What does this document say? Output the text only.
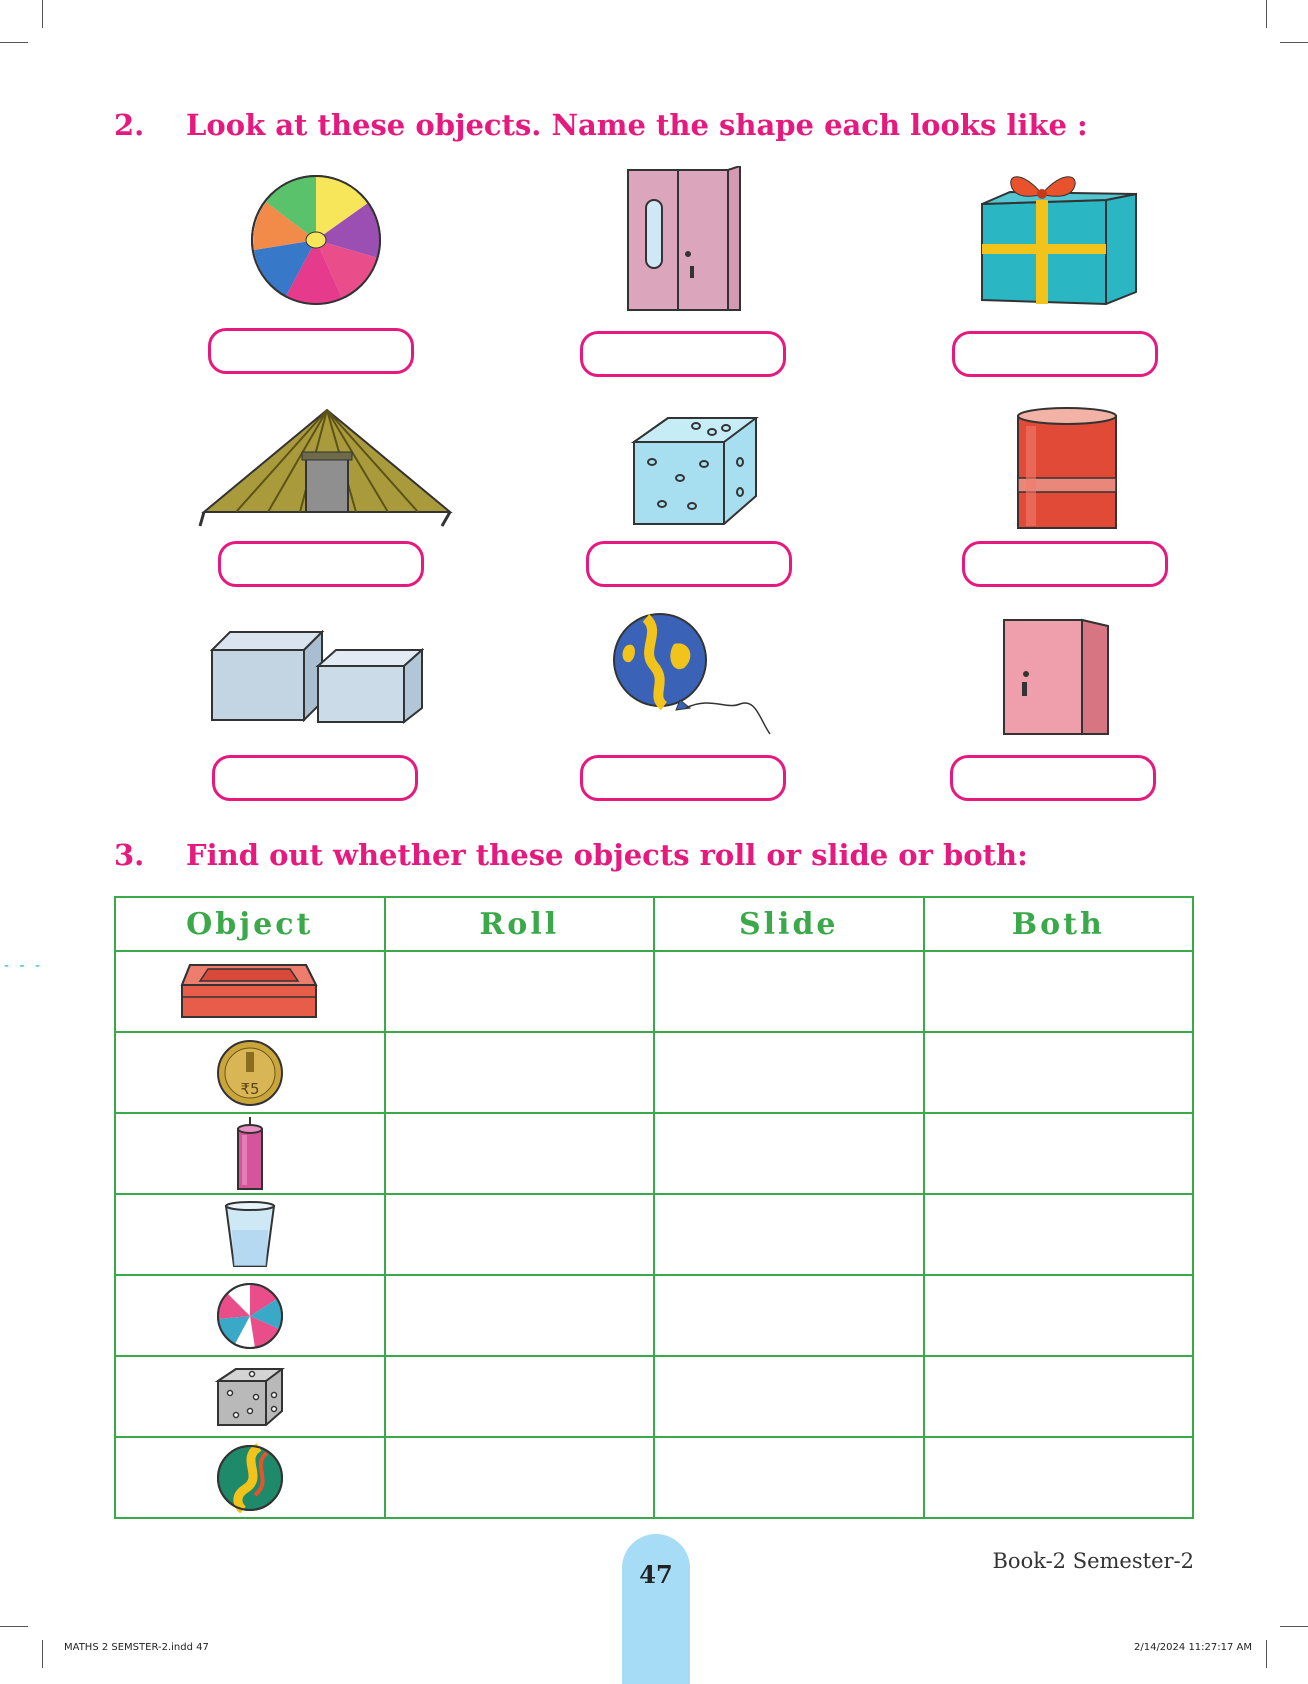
- - -
2. Look at these objects. Name the shape each looks like :
3. Find out whether these objects roll or slide or both:
Object	Roll	Slide	Both

₹5			

47	Book-2 Semester-2
MATHS 2 SEMSTER-2.indd 47	2/14/2024 11:27:17 AM
